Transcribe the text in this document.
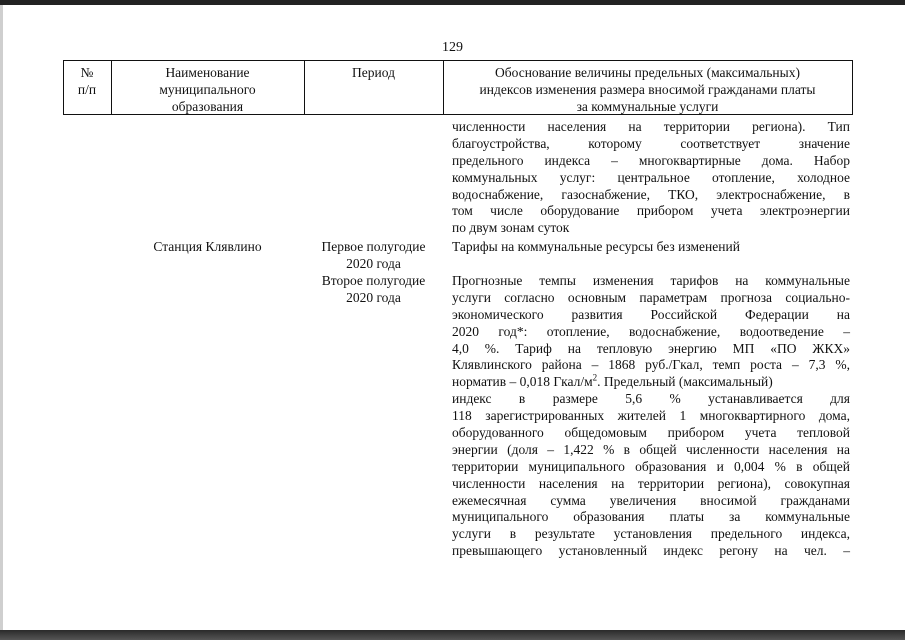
129
№
п/п
Наименование
муниципального
образования
Период	Обоснование величины предельных (максимальных)
индексов изменения размера вносимой гражданами платы
за коммунальные услуги
численности населения на территории региона). Тип
благоустройства, которому соответствует значение
предельного индекса – многоквартирные дома. Набор
коммунальных услуг: центральное отопление, холодное
водоснабжение, газоснабжение, ТКО, электроснабжение, в
том числе оборудование прибором учета электроэнергии
по двум зонам суток
Станция Клявлино	Первое полугодие
2020 года
Второе полугодие
2020 года
Тарифы на коммунальные ресурсы без изменений
Прогнозные темпы изменения тарифов на коммунальные
услуги согласно основным параметрам прогноза социально-
экономического развития Российской Федерации на
2020 год*: отопление, водоснабжение, водоотведение –
4,0 %. Тариф на тепловую энергию МП «ПО ЖКХ»
Клявлинского района – 1868 руб./Гкал, темп роста – 7,3 %,
норматив – 0,018 Гкал/$м^2$. Предельный (максимальный)
индекс в размере 5,6 % устанавливается для
118 зарегистрированных жителей 1 многоквартирного дома,
оборудованного общедомовым прибором учета тепловой
энергии (доля – 1,422 % в общей численности населения на
территории муниципального образования и 0,004 % в общей
численности населения на территории региона), совокупная
ежемесячная сумма увеличения вносимой гражданами
муниципального образования платы за коммунальные
услуги в результате установления предельного индекса,
превышающего установленный индекс регону на чел. –
